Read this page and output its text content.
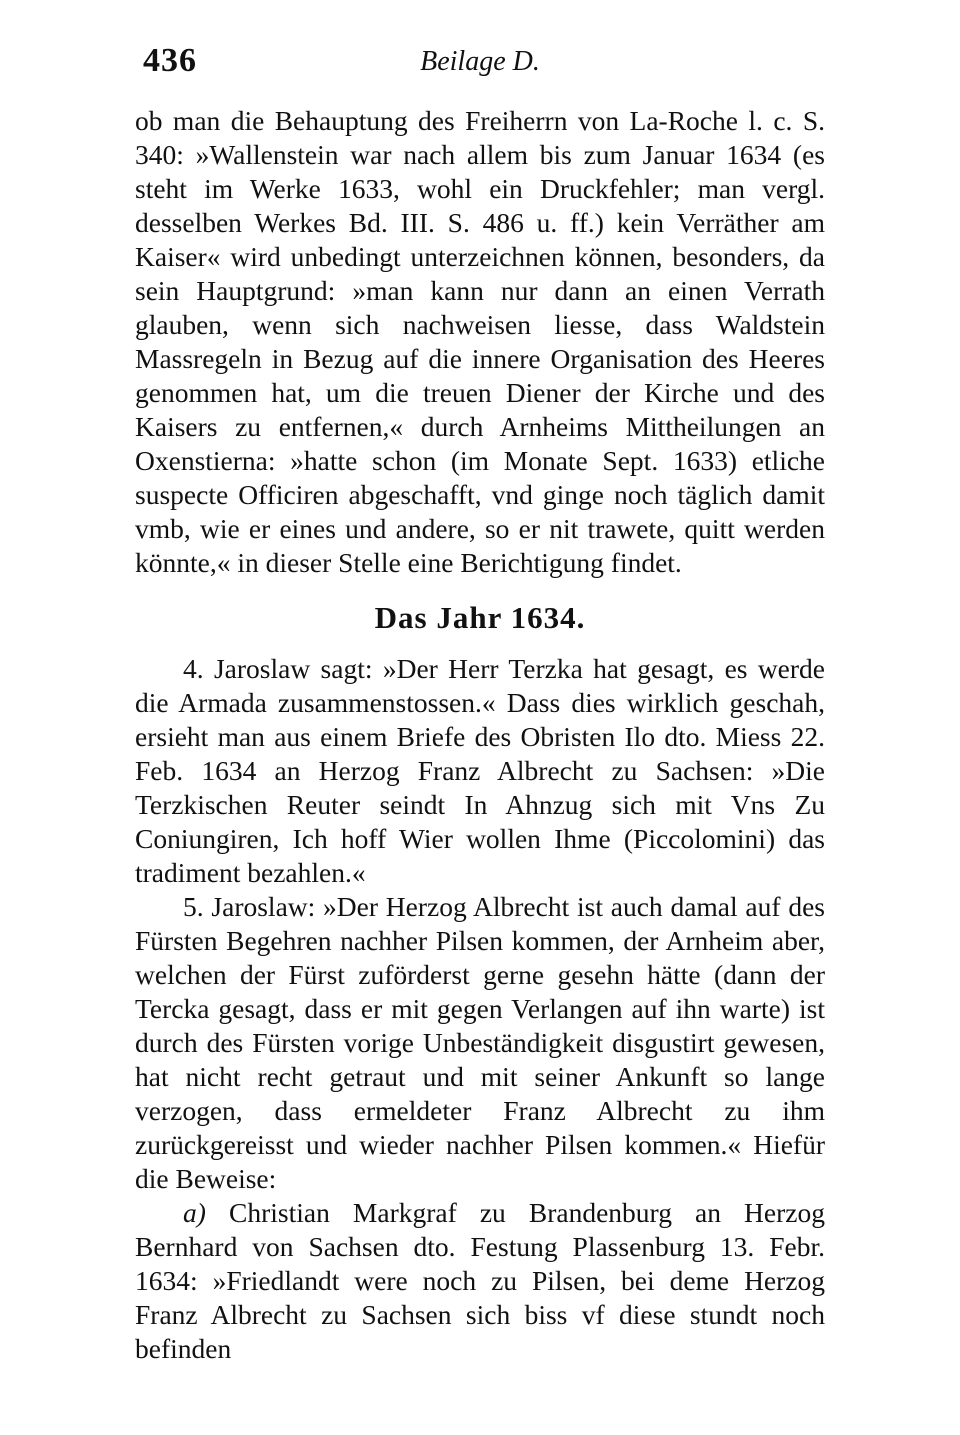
436	Beilage D.

ob man die Behauptung des Freiherrn von La-Roche l. c. S. 340: »Wallenstein war nach allem bis zum Januar 1634 (es steht im Werke 1633, wohl ein Druckfehler; man vergl. desselben Werkes Bd. III. S. 486 u. ff.) kein Verräther am Kaiser« wird unbedingt unterzeichnen können, besonders, da sein Hauptgrund: »man kann nur dann an einen Verrath glauben, wenn sich nachweisen liesse, dass Waldstein Massregeln in Bezug auf die innere Organisation des Heeres genommen hat, um die treuen Diener der Kirche und des Kaisers zu entfernen,« durch Arnheims Mittheilungen an Oxenstierna: »hatte schon (im Monate Sept. 1633) etliche suspecte Officiren abgeschafft, vnd ginge noch täglich damit vmb, wie er eines und andere, so er nit trawete, quitt werden könnte,« in dieser Stelle eine Berichtigung findet.

Das Jahr 1634.

4. Jaroslaw sagt: »Der Herr Terzka hat gesagt, es werde die Armada zusammenstossen.« Dass dies wirklich geschah, ersieht man aus einem Briefe des Obristen Ilo dto. Miess 22. Feb. 1634 an Herzog Franz Albrecht zu Sachsen: »Die Terzkischen Reuter seindt In Ahnzug sich mit Vns Zu Coniungiren, Ich hoff Wier wollen Ihme (Piccolomini) das tradiment bezahlen.«

5. Jaroslaw: »Der Herzog Albrecht ist auch damal auf des Fürsten Begehren nachher Pilsen kommen, der Arnheim aber, welchen der Fürst zuförderst gerne gesehn hätte (dann der Tercka gesagt, dass er mit gegen Verlangen auf ihn warte) ist durch des Fürsten vorige Unbeständigkeit disgustirt gewesen, hat nicht recht getraut und mit seiner Ankunft so lange verzogen, dass ermeldeter Franz Albrecht zu ihm zurückgereisst und wieder nachher Pilsen kommen.« Hiefür die Beweise:

a) Christian Markgraf zu Brandenburg an Herzog Bernhard von Sachsen dto. Festung Plassenburg 13. Febr. 1634: »Friedlandt were noch zu Pilsen, bei deme Herzog Franz Albrecht zu Sachsen sich biss vf diese stundt noch befinden
